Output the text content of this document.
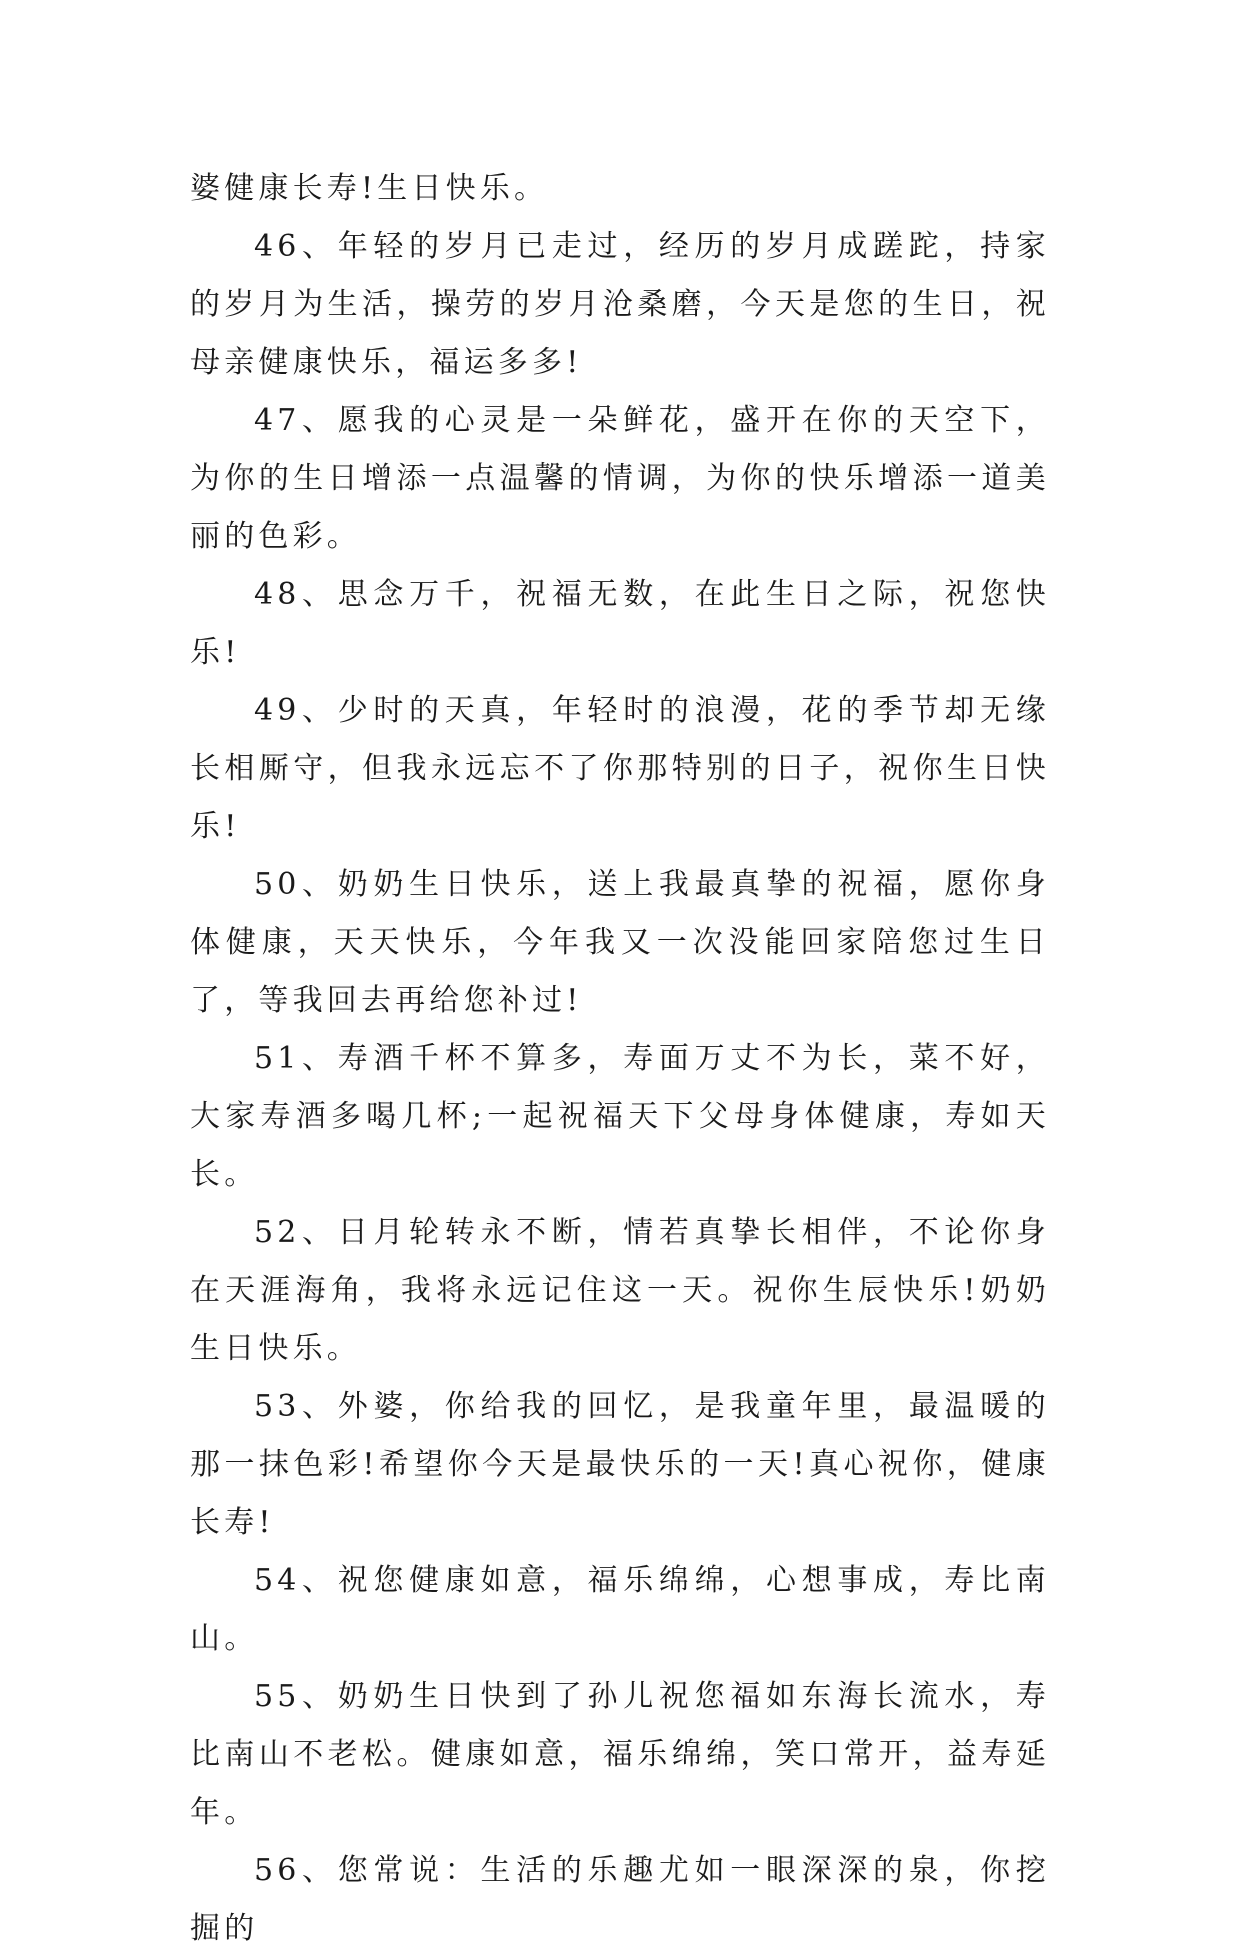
婆健康长寿!生日快乐。

46、年轻的岁月已走过，经历的岁月成蹉跎，持家的岁月为生活，操劳的岁月沧桑磨，今天是您的生日，祝母亲健康快乐，福运多多!

47、愿我的心灵是一朵鲜花，盛开在你的天空下，为你的生日增添一点温馨的情调，为你的快乐增添一道美丽的色彩。

48、思念万千，祝福无数，在此生日之际，祝您快乐!

49、少时的天真，年轻时的浪漫，花的季节却无缘长相厮守，但我永远忘不了你那特别的日子，祝你生日快乐!

50、奶奶生日快乐，送上我最真挚的祝福，愿你身体健康，天天快乐，今年我又一次没能回家陪您过生日了，等我回去再给您补过!

51、寿酒千杯不算多，寿面万丈不为长，菜不好，大家寿酒多喝几杯;一起祝福天下父母身体健康，寿如天长。

52、日月轮转永不断，情若真挚长相伴，不论你身在天涯海角，我将永远记住这一天。祝你生辰快乐!奶奶生日快乐。

53、外婆，你给我的回忆，是我童年里，最温暖的那一抹色彩!希望你今天是最快乐的一天!真心祝你，健康长寿!

54、祝您健康如意，福乐绵绵，心想事成，寿比南山。

55、奶奶生日快到了孙儿祝您福如东海长流水，寿比南山不老松。健康如意，福乐绵绵，笑口常开，益寿延年。

56、您常说：生活的乐趣尤如一眼深深的泉，你挖掘的
